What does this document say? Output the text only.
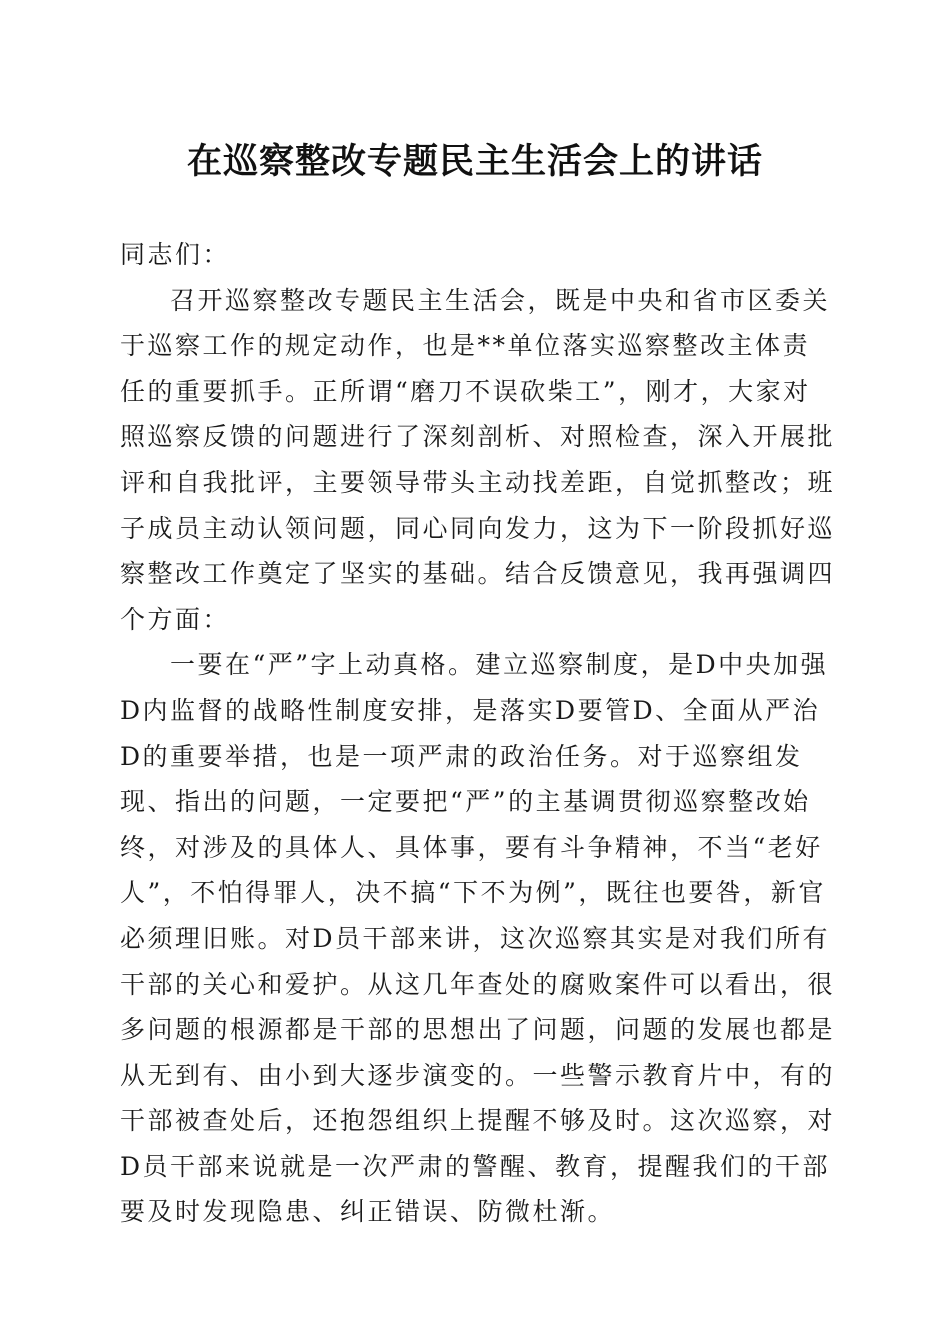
在巡察整改专题民主生活会上的讲话

同志们：

召开巡察整改专题民主生活会，既是中央和省市区委关于巡察工作的规定动作，也是**单位落实巡察整改主体责任的重要抓手。正所谓“磨刀不误砍柴工”，刚才，大家对照巡察反馈的问题进行了深刻剖析、对照检查，深入开展批评和自我批评，主要领导带头主动找差距，自觉抓整改；班子成员主动认领问题，同心同向发力，这为下一阶段抓好巡察整改工作奠定了坚实的基础。结合反馈意见，我再强调四个方面：

一要在“严”字上动真格。建立巡察制度，是D中央加强D内监督的战略性制度安排，是落实D要管D、全面从严治D的重要举措，也是一项严肃的政治任务。对于巡察组发现、指出的问题，一定要把“严”的主基调贯彻巡察整改始终，对涉及的具体人、具体事，要有斗争精神，不当“老好人”，不怕得罪人，决不搞“下不为例”，既往也要咎，新官必须理旧账。对D员干部来讲，这次巡察其实是对我们所有干部的关心和爱护。从这几年查处的腐败案件可以看出，很多问题的根源都是干部的思想出了问题，问题的发展也都是从无到有、由小到大逐步演变的。一些警示教育片中，有的干部被查处后，还抱怨组织上提醒不够及时。这次巡察，对D员干部来说就是一次严肃的警醒、教育，提醒我们的干部要及时发现隐患、纠正错误、防微杜渐。
